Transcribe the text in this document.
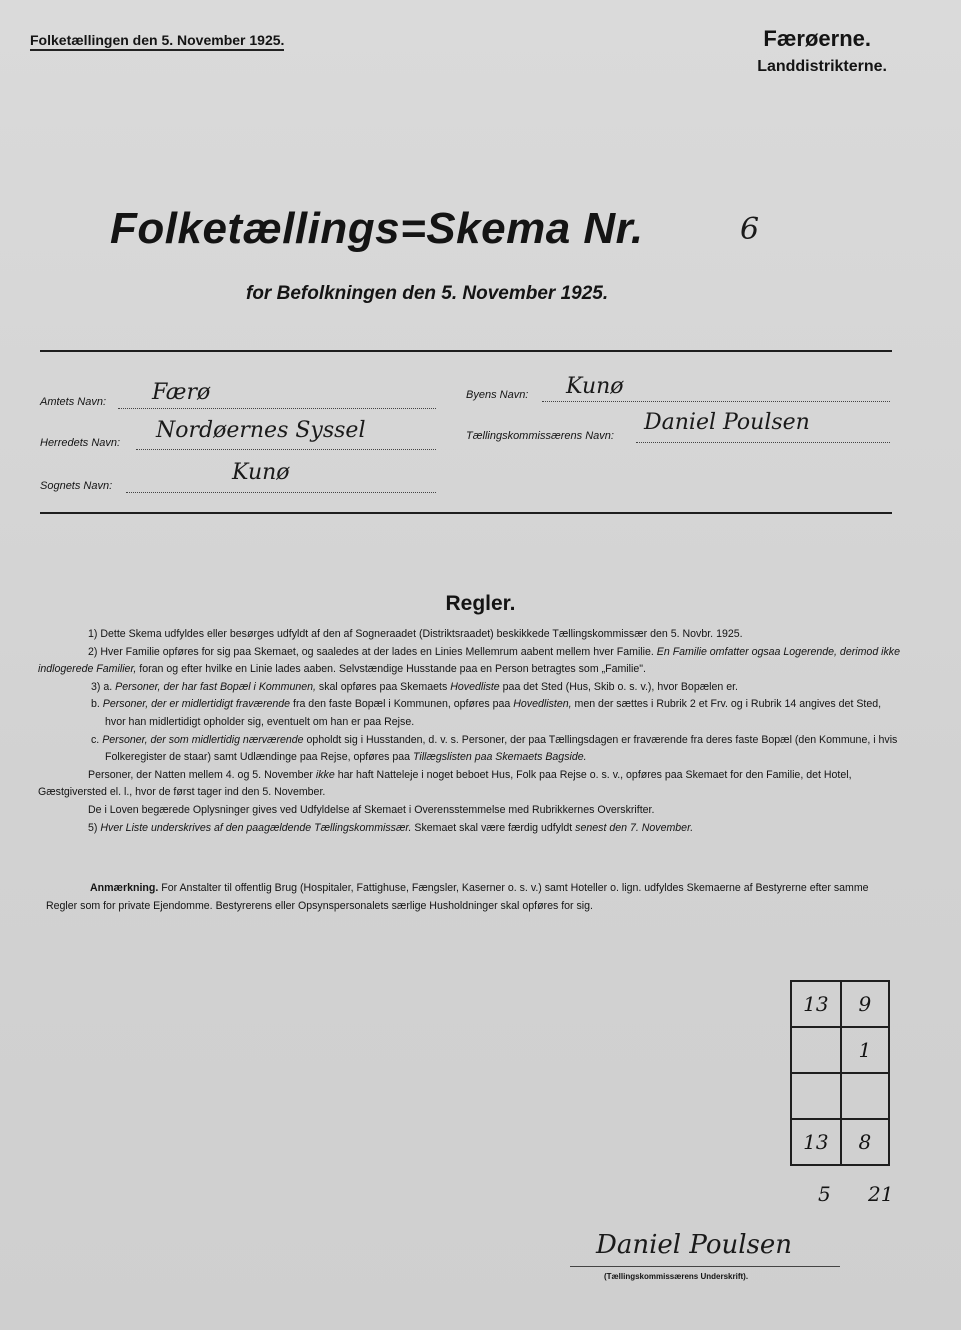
Folketællingen den 5. November 1925.	Færøerne.
Landdistrikterne.
Folketællings=Skema Nr.	6
for Befolkningen den 5. November 1925.
Amtets Navn: Færø
Herredets Navn: Nordøernes Syssel
Sognets Navn:
Kunø
Byens Navn: Kunø
Tællingskommissærens Navn:
Daniel Poulsen
Regler.

1) Dette Skema udfyldes eller besørges udfyldt af den af Sogneraadet (Distriktsraadet) beskikkede Tællingskommissær den 5. Novbr. 1925.

2) Hver Familie opføres for sig paa Skemaet, og saaledes at der lades en Linies Mellemrum aabent mellem hver Familie. En Familie omfatter ogsaa Logerende, derimod ikke indlogerede Familier, foran og efter hvilke en Linie lades aaben. Selvstændige Husstande paa en Person betragtes som „Familie".

3) a. Personer, der har fast Bopæl i Kommunen, skal opføres paa Skemaets Hovedliste paa det Sted (Hus, Skib o. s. v.), hvor Bopælen er.

b. Personer, der er midlertidigt fraværende fra den faste Bopæl i Kommunen, opføres paa Hovedlisten, men der sættes i Rubrik 2 et Frv. og i Rubrik 14 angives det Sted, hvor han midlertidigt opholder sig, eventuelt om han er paa Rejse.

c. Personer, der som midlertidig nærværende opholdt sig i Husstanden, d. v. s. Personer, der paa Tællingsdagen er fraværende fra deres faste Bopæl (den Kommune, i hvis Folkeregister de staar) samt Udlændinge paa Rejse, opføres paa Tillægslisten paa Skemaets Bagside.

Personer, der Natten mellem 4. og 5. November ikke har haft Natteleje i noget beboet Hus, Folk paa Rejse o. s. v., opføres paa Skemaet for den Familie, det Hotel, Gæstgiversted el. l., hvor de først tager ind den 5. November.

De i Loven begærede Oplysninger gives ved Udfyldelse af Skemaet i Overensstemmelse med Rubrikkernes Overskrifter.

5) Hver Liste underskrives af den paagældende Tællingskommissær. Skemaet skal være færdig udfyldt senest den 7. November.

Anmærkning. For Anstalter til offentlig Brug (Hospitaler, Fattighuse, Fængsler, Kaserner o. s. v.) samt Hoteller o. lign. udfyldes Skemaerne af Bestyrerne efter samme Regler som for private Ejendomme. Bestyrerens eller Opsynspersonalets særlige Husholdninger skal opføres for sig.
13	9
	1

13	8
5 21
Daniel Poulsen
(Tællingskommissærens Underskrift).
